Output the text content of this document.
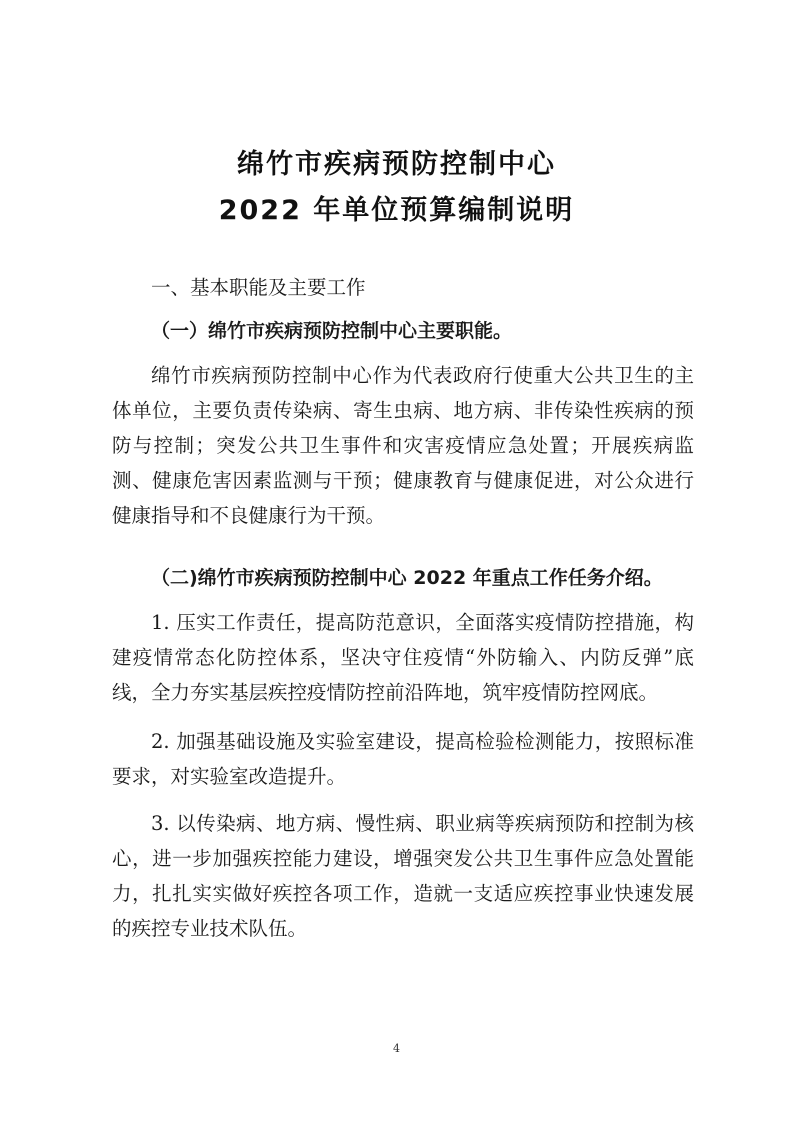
绵竹市疾病预防控制中心
2022 年单位预算编制说明
一、基本职能及主要工作
（一）绵竹市疾病预防控制中心主要职能。

绵竹市疾病预防控制中心作为代表政府行使重大公共卫生的主体单位，主要负责传染病、寄生虫病、地方病、非传染性疾病的预防与控制；突发公共卫生事件和灾害疫情应急处置；开展疾病监测、健康危害因素监测与干预；健康教育与健康促进，对公众进行健康指导和不良健康行为干预。

（二)绵竹市疾病预防控制中心 2022 年重点工作任务介绍。

1. 压实工作责任，提高防范意识，全面落实疫情防控措施，构建疫情常态化防控体系，坚决守住疫情“外防输入、内防反弹”底线，全力夯实基层疾控疫情防控前沿阵地，筑牢疫情防控网底。

2. 加强基础设施及实验室建设，提高检验检测能力，按照标准要求，对实验室改造提升。

3. 以传染病、地方病、慢性病、职业病等疾病预防和控制为核心，进一步加强疾控能力建设，增强突发公共卫生事件应急处置能力，扎扎实实做好疾控各项工作，造就一支适应疾控事业快速发展的疾控专业技术队伍。

4
